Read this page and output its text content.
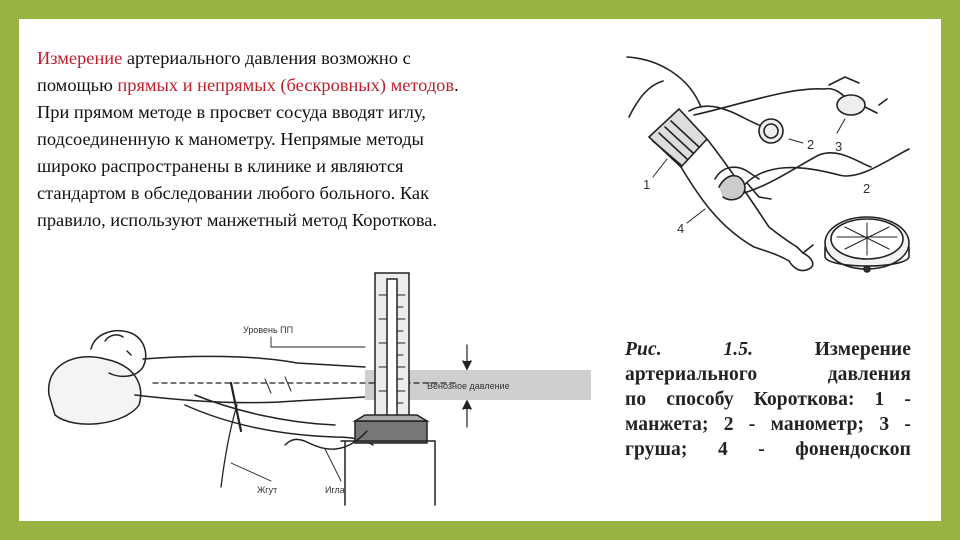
Измерение артериального давления возможно с
помощью прямых и непрямых (бескровных) методов.
При прямом методе в просвет сосуда вводят иглу,
подсоединенную к манометру. Непрямые методы
широко распространены в клинике и являются
стандартом в обследовании любого больного. Как
правило, используют манжетный метод Короткова.
1
2 3
4
2
Уровень ПП
Венозное давление
Жгут	Игла
Рис.	1.5.	Измерение
артериального давления
по способу Короткова: 1 -
манжета; 2 - манометр; 3 -
груша; 4 - фонендоскоп
